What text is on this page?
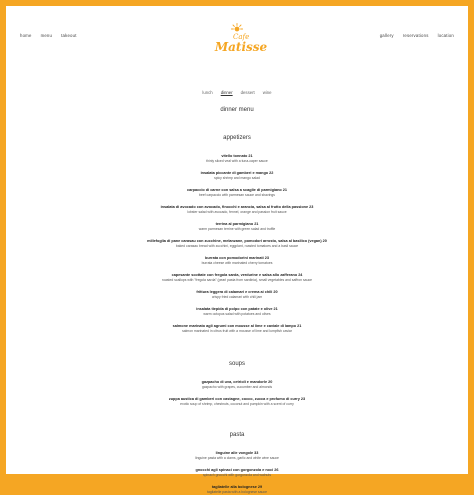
home menu takeout	Cafe
Matisse
gallery reservations location
lunch dinner dessert wine
dinner menu
appetizers
vitello tonnato 21
thinly sliced veal with a tuna-caper sauce
insalata piccante di gamberi e mango 22
spicy shrimp and mango salad
carpaccio di carne con salsa a scaglie di parmigiano 21
beef carpaccio with parmesan sauce and shavings
insalata di avocado con avocado, finocchi e arancia, salsa al frutto della passione 23
lobster salad with avocado, fennel, orange and passion fruit sauce
terrina al parmigiano 21
warm parmesan terrine with green salad and truffle
millefoglia di pane carasau con zucchine, melanzane, pomodori arrosto, salsa al basilico (vegan) 20
baked carasau bread with zucchini, eggplant, roasted tomatoes and a basil sauce
burrata con pomodorini marinati 23
burrata cheese with marinated cherry tomatoes
capesante scottate con fregola sarda, verdurine e salsa allo zafferano 24
roasted scallops with "fregola sarda" (pearl pasta from sardinia), small vegetables and saffron sauce
frittura leggera di calamari e crema ai chili 20
crispy fried calamari with chili jam
insalata tiepida di polpo con patate e olive 21
warm octopus salad with potatoes and olives
salmone marinato agli agrumi con mousse al lime e caviale di lampo 21
salmon marinated in citrus fruit with a mousse of lime and lumpfish caviar
soups
gazpacho di uva, cetrioli e mandorle 20
gazpacho with grapes, cucumber and almonds
zuppa austica di gamberi con castagne, cocco, zucca e profumo di curry 23
exotic soup of shrimp, chestnuts, coconut and pumpkin with a scent of curry
pasta
linguine alle vongole 33
linguine pasta with a clams, garlic and white wine sauce
gnocchi agli spinaci con gorgonzola e noci 26
spinach gnocchi with gorgonzola and walnuts
tagliatelle alla bolognese 29
tagliatelle pasta with a bolognese sauce
